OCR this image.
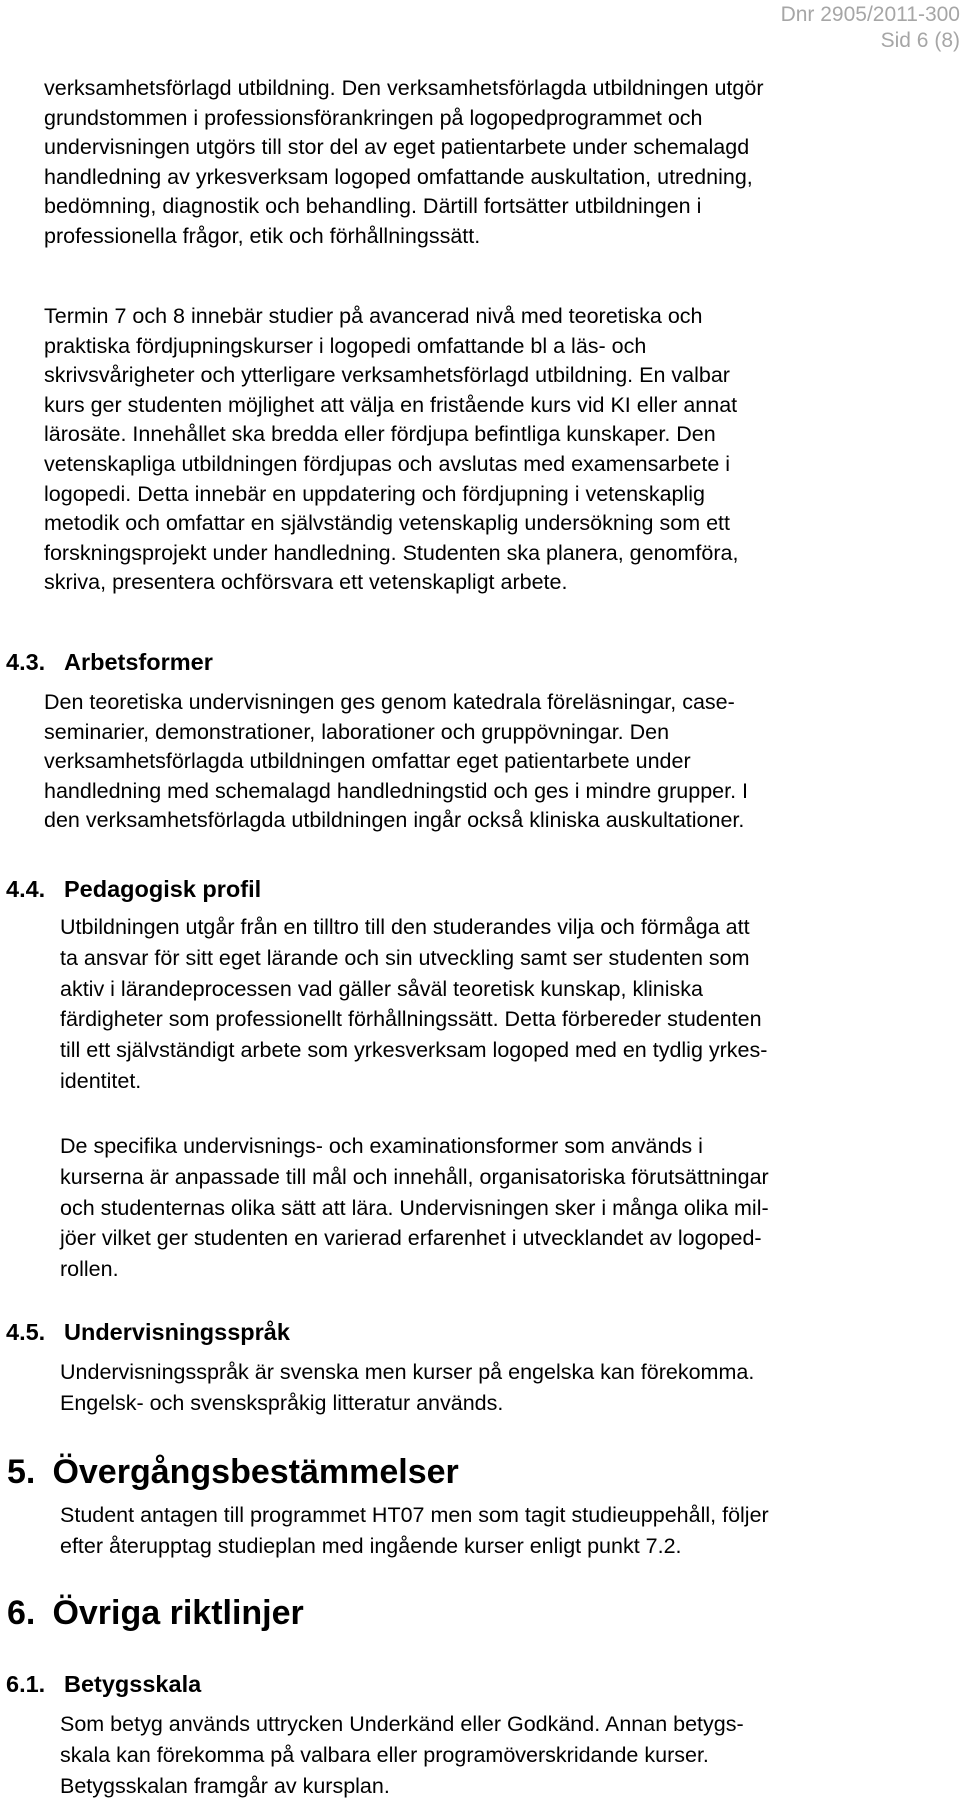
Dnr 2905/2011-300
Sid 6 (8)

verksamhetsförlagd utbildning. Den verksamhetsförlagda utbildningen utgör
grundstommen i professionsförankringen på logopedprogrammet och
undervisningen utgörs till stor del av eget patientarbete under schemalagd
handledning av yrkesverksam logoped omfattande auskultation, utredning,
bedömning, diagnostik och behandling. Därtill fortsätter utbildningen i
professionella frågor, etik och förhållningssätt.

Termin 7 och 8 innebär studier på avancerad nivå med teoretiska och
praktiska fördjupningskurser i logopedi omfattande bl a läs- och
skrivsvårigheter och ytterligare verksamhetsförlagd utbildning. En valbar
kurs ger studenten möjlighet att välja en fristående kurs vid KI eller annat
lärosäte. Innehållet ska bredda eller fördjupa befintliga kunskaper. Den
vetenskapliga utbildningen fördjupas och avslutas med examensarbete i
logopedi. Detta innebär en uppdatering och fördjupning i vetenskaplig
metodik och omfattar en självständig vetenskaplig undersökning som ett
forskningsprojekt under handledning. Studenten ska planera, genomföra,
skriva, presentera ochförsvara ett vetenskapligt arbete.

4.3. Arbetsformer

Den teoretiska undervisningen ges genom katedrala föreläsningar, case-
seminarier, demonstrationer, laborationer och gruppövningar. Den
verksamhetsförlagda utbildningen omfattar eget patientarbete under
handledning med schemalagd handledningstid och ges i mindre grupper. I
den verksamhetsförlagda utbildningen ingår också kliniska auskultationer.

4.4. Pedagogisk profil

Utbildningen utgår från en tilltro till den studerandes vilja och förmåga att
ta ansvar för sitt eget lärande och sin utveckling samt ser studenten som
aktiv i lärandeprocessen vad gäller såväl teoretisk kunskap, kliniska
färdigheter som professionellt förhållningssätt. Detta förbereder studenten
till ett självständigt arbete som yrkesverksam logoped med en tydlig yrkes-
identitet.

De specifika undervisnings- och examinationsformer som används i
kurserna är anpassade till mål och innehåll, organisatoriska förutsättningar
och studenternas olika sätt att lära. Undervisningen sker i många olika mil-
jöer vilket ger studenten en varierad erfarenhet i utvecklandet av logoped-
rollen.

4.5. Undervisningsspråk

Undervisningsspråk är svenska men kurser på engelska kan förekomma.
Engelsk- och svenskspråkig litteratur används.

5. Övergångsbestämmelser

Student antagen till programmet HT07 men som tagit studieuppehåll, följer
efter återupptag studieplan med ingående kurser enligt punkt 7.2.

6. Övriga riktlinjer
6.1. Betygsskala

Som betyg används uttrycken Underkänd eller Godkänd. Annan betygs-
skala kan förekomma på valbara eller programöverskridande kurser.
Betygsskalan framgår av kursplan.
